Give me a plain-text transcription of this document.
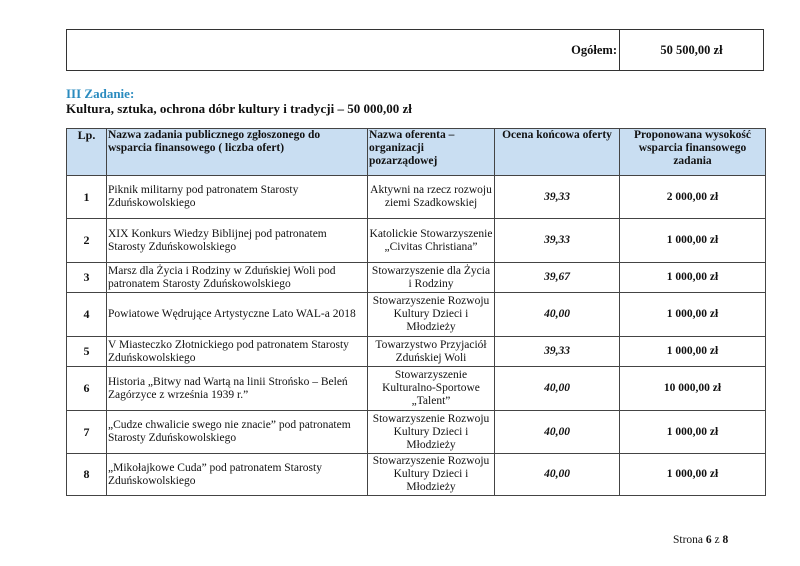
Ogółem:	50 500,00 zł
III Zadanie:
Kultura, sztuka, ochrona dóbr kultury i tradycji – 50 000,00 zł
Lp.	Nazwa zadania publicznego zgłoszonego do wsparcia finansowego ( liczba ofert)	Nazwa oferenta – organizacji pozarządowej	Ocena końcowa oferty	Proponowana wysokość wsparcia finansowego zadania
1	Piknik militarny pod patronatem Starosty Zduńskowolskiego	Aktywni na rzecz rozwoju ziemi Szadkowskiej	39,33	2 000,00 zł
2	XIX Konkurs Wiedzy Biblijnej pod patronatem Starosty Zduńskowolskiego	Katolickie Stowarzyszenie „Civitas Christiana”	39,33	1 000,00 zł
3	Marsz dla Życia i Rodziny w Zduńskiej Woli pod patronatem Starosty Zduńskowolskiego	Stowarzyszenie dla Życia i Rodziny	39,67	1 000,00 zł
4	Powiatowe Wędrujące Artystyczne Lato WAL-a 2018	Stowarzyszenie Rozwoju Kultury Dzieci i Młodzieży	40,00	1 000,00 zł
5	V Miasteczko Złotnickiego pod patronatem Starosty Zduńskowolskiego	Towarzystwo Przyjaciół Zduńskiej Woli	39,33	1 000,00 zł
6	Historia „Bitwy nad Wartą na linii Strońsko – Beleń Zagórzyce z września 1939 r.”	Stowarzyszenie Kulturalno-Sportowe „Talent”	40,00	10 000,00 zł
7	„Cudze chwalicie swego nie znacie” pod patronatem Starosty Zduńskowolskiego	Stowarzyszenie Rozwoju Kultury Dzieci i Młodzieży	40,00	1 000,00 zł
8	„Mikołajkowe Cuda” pod patronatem Starosty Zduńskowolskiego	Stowarzyszenie Rozwoju Kultury Dzieci i Młodzieży	40,00	1 000,00 zł
Strona 6 z 8
